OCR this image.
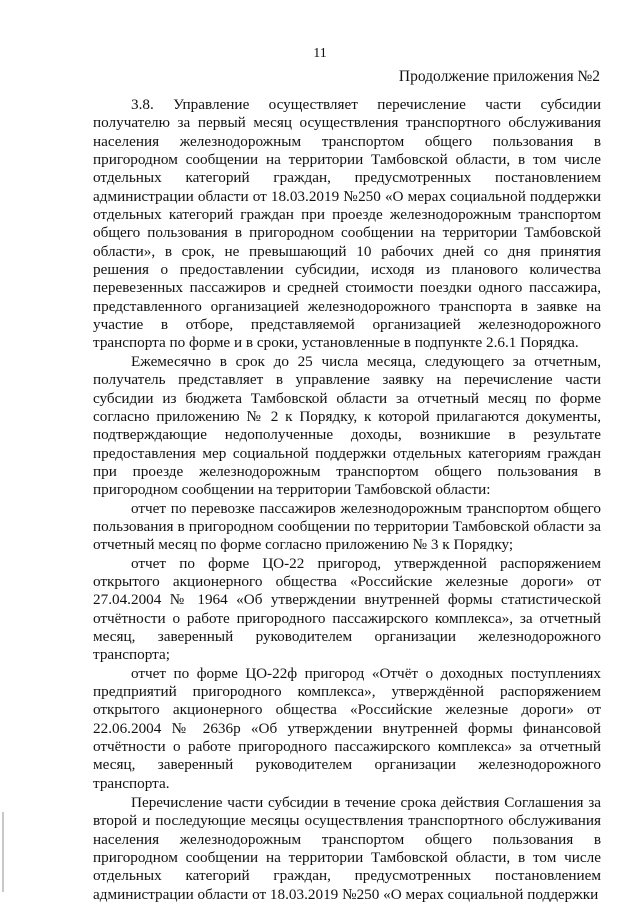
11
Продолжение приложения №2

3.8. Управление осуществляет перечисление части субсидии получателю за первый месяц осуществления транспортного обслуживания населения железнодорожным транспортом общего пользования в пригородном сообщении на территории Тамбовской области, в том числе отдельных категорий граждан, предусмотренных постановлением администрации области от 18.03.2019 №250 «О мерах социальной поддержки отдельных категорий граждан при проезде железнодорожным транспортом общего пользования в пригородном сообщении на территории Тамбовской области», в срок, не превышающий 10 рабочих дней со дня принятия решения о предоставлении субсидии, исходя из планового количества перевезенных пассажиров и средней стоимости поездки одного пассажира, представленного организацией железнодорожного транспорта в заявке на участие в отборе, представляемой организацией железнодорожного транспорта по форме и в сроки, установленные в подпункте 2.6.1 Порядка.

Ежемесячно в срок до 25 числа месяца, следующего за отчетным, получатель представляет в управление заявку на перечисление части субсидии из бюджета Тамбовской области за отчетный месяц по форме согласно приложению № 2 к Порядку, к которой прилагаются документы, подтверждающие недополученные доходы, возникшие в результате предоставления мер социальной поддержки отдельных категориям граждан при проезде железнодорожным транспортом общего пользования в пригородном сообщении на территории Тамбовской области:

отчет по перевозке пассажиров железнодорожным транспортом общего пользования в пригородном сообщении по территории Тамбовской области за отчетный месяц по форме согласно приложению № 3 к Порядку;

отчет по форме ЦО-22 пригород, утвержденной распоряжением открытого акционерного общества «Российские железные дороги» от 27.04.2004 № 1964 «Об утверждении внутренней формы статистической отчётности о работе пригородного пассажирского комплекса», за отчетный месяц, заверенный руководителем организации железнодорожного транспорта;

отчет по форме ЦО-22ф пригород «Отчёт о доходных поступлениях предприятий пригородного комплекса», утверждённой распоряжением открытого акционерного общества «Российские железные дороги» от 22.06.2004 № 2636р «Об утверждении внутренней формы финансовой отчётности о работе пригородного пассажирского комплекса» за отчетный месяц, заверенный руководителем организации железнодорожного транспорта.

Перечисление части субсидии в течение срока действия Соглашения за второй и последующие месяцы осуществления транспортного обслуживания населения железнодорожным транспортом общего пользования в пригородном сообщении на территории Тамбовской области, в том числе отдельных категорий граждан, предусмотренных постановлением администрации области от 18.03.2019 №250 «О мерах социальной поддержки
